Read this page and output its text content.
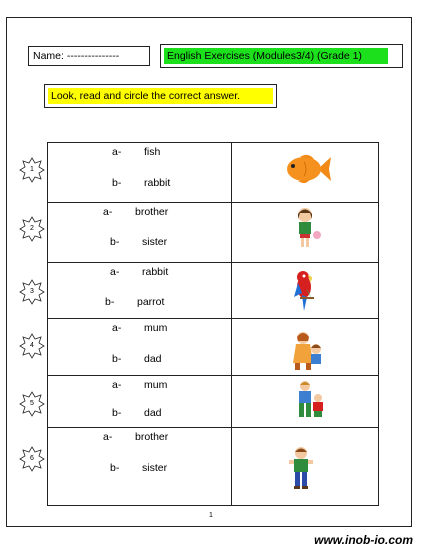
Name: ---------------	English Exercises (Modules3/4) (Grade 1)
Look, read and circle the correct answer.
1
2
3
4
5
6
a- fish
b- rabbit

a- brother
b- sister

a- rabbit
b- parrot

a- mum
b- dad

a- mum
b- dad

a- brother
b- sister

1
www.inob-io.com
